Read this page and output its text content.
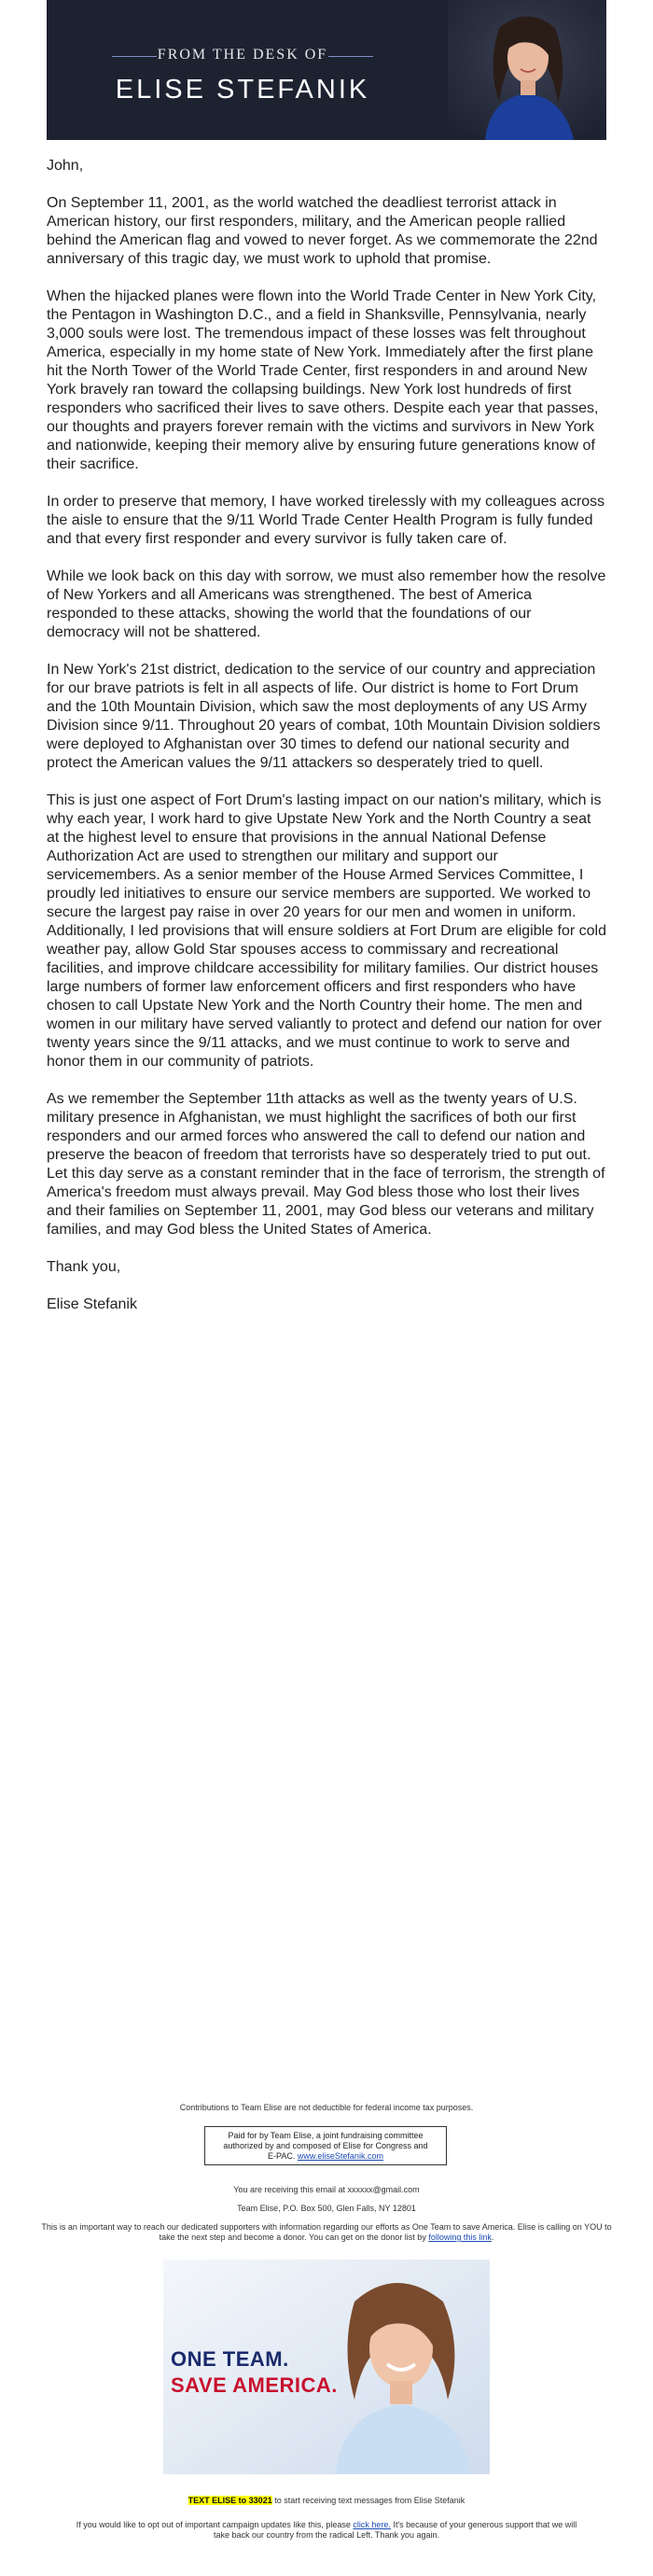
FROM THE DESK OF
ELISE STEFANIK

John,

On September 11, 2001, as the world watched the deadliest terrorist attack in American history, our first responders, military, and the American people rallied behind the American flag and vowed to never forget. As we commemorate the 22nd anniversary of this tragic day, we must work to uphold that promise.

When the hijacked planes were flown into the World Trade Center in New York City, the Pentagon in Washington D.C., and a field in Shanksville, Pennsylvania, nearly 3,000 souls were lost. The tremendous impact of these losses was felt throughout America, especially in my home state of New York. Immediately after the first plane hit the North Tower of the World Trade Center, first responders in and around New York bravely ran toward the collapsing buildings. New York lost hundreds of first responders who sacrificed their lives to save others. Despite each year that passes, our thoughts and prayers forever remain with the victims and survivors in New York and nationwide, keeping their memory alive by ensuring future generations know of their sacrifice.

In order to preserve that memory, I have worked tirelessly with my colleagues across the aisle to ensure that the 9/11 World Trade Center Health Program is fully funded and that every first responder and every survivor is fully taken care of.

While we look back on this day with sorrow, we must also remember how the resolve of New Yorkers and all Americans was strengthened. The best of America responded to these attacks, showing the world that the foundations of our democracy will not be shattered.

In New York's 21st district, dedication to the service of our country and appreciation for our brave patriots is felt in all aspects of life. Our district is home to Fort Drum and the 10th Mountain Division, which saw the most deployments of any US Army Division since 9/11. Throughout 20 years of combat, 10th Mountain Division soldiers were deployed to Afghanistan over 30 times to defend our national security and protect the American values the 9/11 attackers so desperately tried to quell.

This is just one aspect of Fort Drum's lasting impact on our nation's military, which is why each year, I work hard to give Upstate New York and the North Country a seat at the highest level to ensure that provisions in the annual National Defense Authorization Act are used to strengthen our military and support our servicemembers. As a senior member of the House Armed Services Committee, I proudly led initiatives to ensure our service members are supported. We worked to secure the largest pay raise in over 20 years for our men and women in uniform. Additionally, I led provisions that will ensure soldiers at Fort Drum are eligible for cold weather pay, allow Gold Star spouses access to commissary and recreational facilities, and improve childcare accessibility for military families. Our district houses large numbers of former law enforcement officers and first responders who have chosen to call Upstate New York and the North Country their home. The men and women in our military have served valiantly to protect and defend our nation for over twenty years since the 9/11 attacks, and we must continue to work to serve and honor them in our community of patriots.

As we remember the September 11th attacks as well as the twenty years of U.S. military presence in Afghanistan, we must highlight the sacrifices of both our first responders and our armed forces who answered the call to defend our nation and preserve the beacon of freedom that terrorists have so desperately tried to put out. Let this day serve as a constant reminder that in the face of terrorism, the strength of America's freedom must always prevail. May God bless those who lost their lives and their families on September 11, 2001, may God bless our veterans and military families, and may God bless the United States of America.

Thank you,

Elise Stefanik

Contributions to Team Elise are not deductible for federal income tax purposes.
Paid for by Team Elise, a joint fundraising committee
authorized by and composed of Elise for Congress and
E-PAC. www.eliseStefanik.com
You are receiving this email at xxxxxx@gmail.com
Team Elise, P.O. Box 500, Glen Falls, NY 12801
This is an important way to reach our dedicated supporters with information regarding our efforts as One Team to save America. Elise is calling on YOU to take the next step and become a donor. You can get on the donor list by following this link.
ONE TEAM.
SAVE AMERICA.
TEXT ELISE to 33021 to start receiving text messages from Elise Stefanik
If you would like to opt out of important campaign updates like this, please click here. It's because of your generous support that we will
take back our country from the radical Left. Thank you again.
